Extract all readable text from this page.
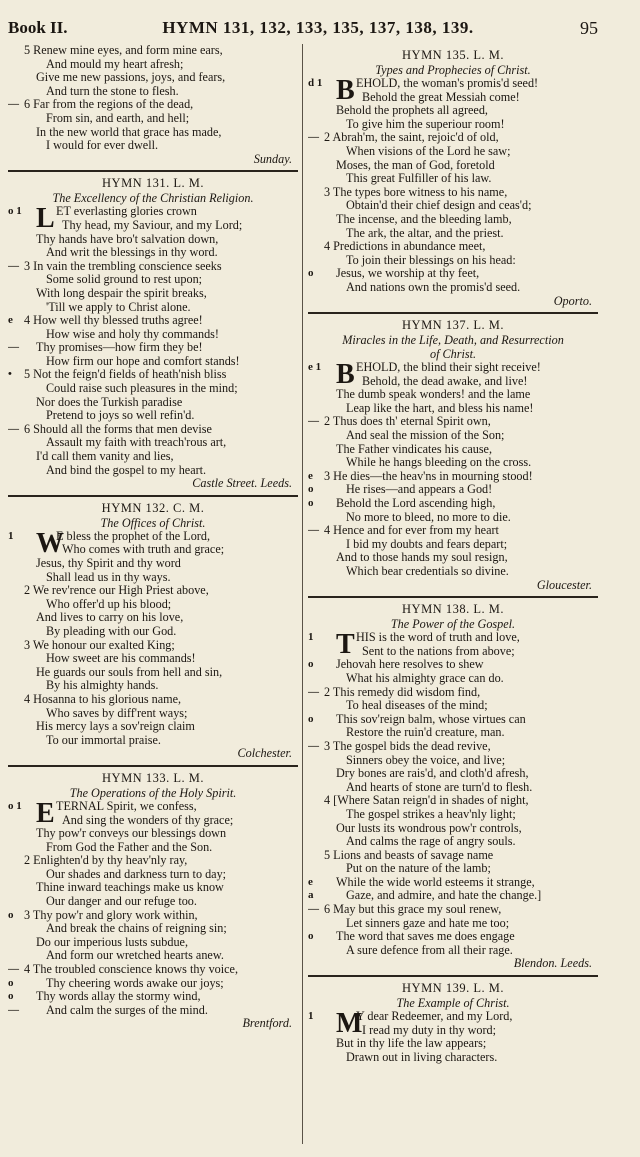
Book II.	HYMN 131, 132, 133, 135, 137, 138, 139.	95
5 Renew mine eyes, and form mine ears,
And mould my heart afresh;
Give me new passions, joys, and fears,
And turn the stone to flesh.
— 6 Far from the regions of the dead,
From sin, and earth, and hell;
In the new world that grace has made,
I would for ever dwell.
Sunday.
HYMN 131. L. M.
The Excellency of the Christian Religion.
o 1 L ET everlasting glories crown
Thy head, my Saviour, and my Lord;
Thy hands have bro't salvation down,
And writ the blessings in thy word.
— 3 In vain the trembling conscience seeks
Some solid ground to rest upon;
With long despair the spirit breaks,
'Till we apply to Christ alone.
e 4 How well thy blessed truths agree!
How wise and holy thy commands!
— Thy promises—how firm they be!
How firm our hope and comfort stands!
• 5 Not the feign'd fields of heath'nish bliss
Could raise such pleasures in the mind;
Nor does the Turkish paradise
Pretend to joys so well refin'd.
— 6 Should all the forms that men devise
Assault my faith with treach'rous art,
I'd call them vanity and lies,
And bind the gospel to my heart.
Castle Street. Leeds.
HYMN 132. C. M.
The Offices of Christ.
1 W
E bless the prophet of the Lord,
Who comes with truth and grace;
Jesus, thy Spirit and thy word
Shall lead us in thy ways.
2 We rev'rence our High Priest above,
Who offer'd up his blood;
And lives to carry on his love,
By pleading with our God.
3 We honour our exalted King;
How sweet are his commands!
He guards our souls from hell and sin,
By his almighty hands.
4 Hosanna to his glorious name,
Who saves by diff'rent ways;
His mercy lays a sov'reign claim
To our immortal praise.
Colchester.
HYMN 133. L. M.
The Operations of the Holy Spirit.
o 1 E TERNAL Spirit, we confess,
And sing the wonders of thy grace;
Thy pow'r conveys our blessings down
From God the Father and the Son.
2 Enlighten'd by thy heav'nly ray,
Our shades and darkness turn to day;
Thine inward teachings make us know
Our danger and our refuge too.
o 3 Thy pow'r and glory work within,
And break the chains of reigning sin;
Do our imperious lusts subdue,
And form our wretched hearts anew.
— 4 The troubled conscience knows thy voice,
o	Thy cheering words awake our joys;
o Thy words allay the stormy wind,
— And calm the surges of the mind.
Brentford.
HYMN 135. L. M.
Types and Prophecies of Christ.
d 1 B EHOLD, the woman's promis'd seed!
Behold the great Messiah come!
Behold the prophets all agreed,
To give him the superiour room!
— 2 Abrah'm, the saint, rejoic'd of old,
When visions of the Lord he saw;
Moses, the man of God, foretold
This great Fulfiller of his law.
3 The types bore witness to his name,
Obtain'd their chief design and ceas'd;
The incense, and the bleeding lamb,
The ark, the altar, and the priest.
4 Predictions in abundance meet,
To join their blessings on his head:
o Jesus, we worship at thy feet,
And nations own the promis'd seed.
Oporto.
HYMN 137. L. M.
Miracles in the Life, Death, and Resurrection
of Christ.
e 1 B EHOLD, the blind their sight receive!
Behold, the dead awake, and live!
The dumb speak wonders! and the lame
Leap like the hart, and bless his name!
— 2 Thus does th' eternal Spirit own,
And seal the mission of the Son;
The Father vindicates his cause,
While he hangs bleeding on the cross.
e 3 He dies—the heav'ns in mourning stood!
o	He rises—and appears a God!
o Behold the Lord ascending high,
No more to bleed, no more to die.
— 4 Hence and for ever from my heart
I bid my doubts and fears depart;
And to those hands my soul resign,
Which bear credentials so divine.
Gloucester.
HYMN 138. L. M.
The Power of the Gospel.
1 T HIS is the word of truth and love,
Sent to the nations from above;
o Jehovah here resolves to shew
What his almighty grace can do.
— 2 This remedy did wisdom find,
To heal diseases of the mind;
o This sov'reign balm, whose virtues can
Restore the ruin'd creature, man.
— 3 The gospel bids the dead revive,
Sinners obey the voice, and live;
Dry bones are rais'd, and cloth'd afresh,
And hearts of stone are turn'd to flesh.
4 [Where Satan reign'd in shades of night,
The gospel strikes a heav'nly light;
Our lusts its wondrous pow'r controls,
And calms the rage of angry souls.
5 Lions and beasts of savage name
Put on the nature of the lamb;
e While the wide world esteems it strange,
a	Gaze, and admire, and hate the change.]
— 6 May but this grace my soul renew,
Let sinners gaze and hate me too;
o The word that saves me does engage
A sure defence from all their rage.
Blendon. Leeds.
HYMN 139. L. M.
The Example of Christ.
1 M
Y dear Redeemer, and my Lord,
I read my duty in thy word;
But in thy life the law appears;
Drawn out in living characters.
